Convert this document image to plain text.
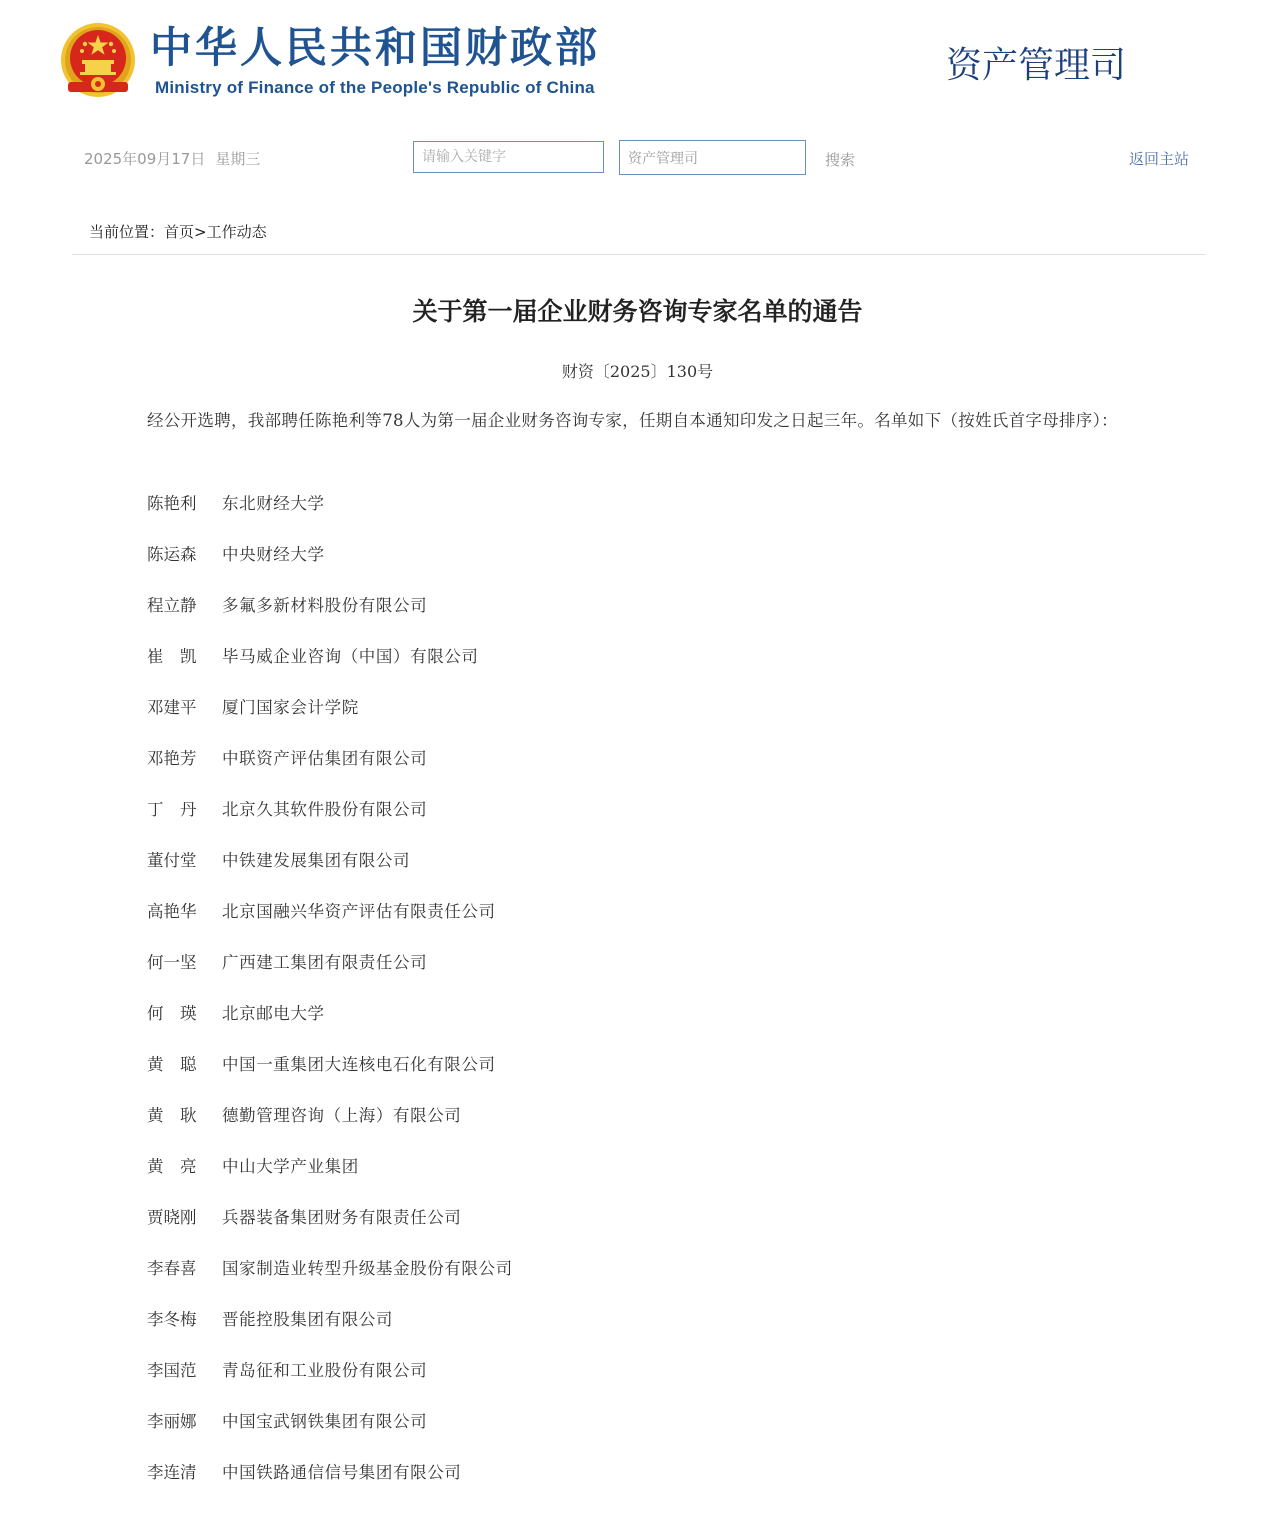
中华人民共和国财政部
Ministry of Finance of the People's Republic of China
资产管理司
2025年09月17日 星期三
请输入关键字
资产管理司	搜索	返回主站
当前位置：首页>工作动态
关于第一届企业财务咨询专家名单的通告
财资〔2025〕130号

经公开选聘，我部聘任陈艳利等78人为第一届企业财务咨询专家，任期自本通知印发之日起三年。名单如下（按姓氏首字母排序）：

陈艳利	东北财经大学
陈运森	中央财经大学
程立静	多氟多新材料股份有限公司
崔　凯	毕马威企业咨询（中国）有限公司
邓建平	厦门国家会计学院
邓艳芳	中联资产评估集团有限公司
丁　丹	北京久其软件股份有限公司
董付堂	中铁建发展集团有限公司
高艳华	北京国融兴华资产评估有限责任公司
何一坚	广西建工集团有限责任公司
何　瑛	北京邮电大学
黄　聪	中国一重集团大连核电石化有限公司
黄　耿	德勤管理咨询（上海）有限公司
黄　亮	中山大学产业集团
贾晓刚	兵器装备集团财务有限责任公司
李春喜	国家制造业转型升级基金股份有限公司
李冬梅	晋能控股集团有限公司
李国范	青岛征和工业股份有限公司
李丽娜	中国宝武钢铁集团有限公司
李连清	中国铁路通信信号集团有限公司
